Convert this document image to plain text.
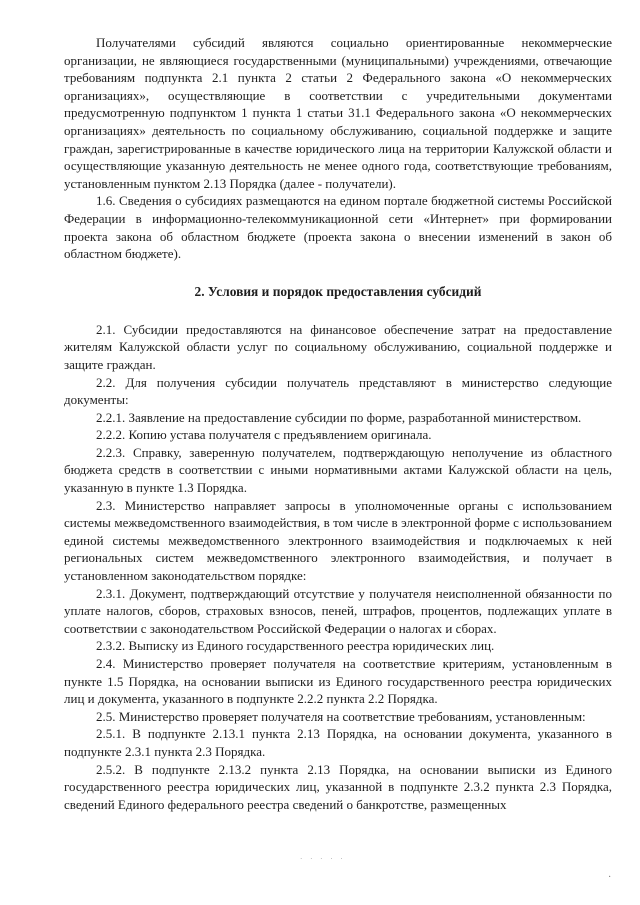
Получателями субсидий являются социально ориентированные некоммерческие организации, не являющиеся государственными (муниципальными) учреждениями, отвечающие требованиям подпункта 2.1 пункта 2 статьи 2 Федерального закона «О некоммерческих организациях», осуществляющие в соответствии с учредительными документами предусмотренную подпунктом 1 пункта 1 статьи 31.1 Федерального закона «О некоммерческих организациях» деятельность по социальному обслуживанию, социальной поддержке и защите граждан, зарегистрированные в качестве юридического лица на территории Калужской области и осуществляющие указанную деятельность не менее одного года, соответствующие требованиям, установленным пунктом 2.13 Порядка (далее - получатели).

1.6. Сведения о субсидиях размещаются на едином портале бюджетной системы Российской Федерации в информационно-телекоммуникационной сети «Интернет» при формировании проекта закона об областном бюджете (проекта закона о внесении изменений в закон об областном бюджете).

2. Условия и порядок предоставления субсидий

2.1. Субсидии предоставляются на финансовое обеспечение затрат на предоставление жителям Калужской области услуг по социальному обслуживанию, социальной поддержке и защите граждан.

2.2. Для получения субсидии получатель представляют в министерство следующие документы:

2.2.1. Заявление на предоставление субсидии по форме, разработанной министерством.

2.2.2. Копию устава получателя с предъявлением оригинала.

2.2.3. Справку, заверенную получателем, подтверждающую неполучение из областного бюджета средств в соответствии с иными нормативными актами Калужской области на цель, указанную в пункте 1.3 Порядка.

2.3. Министерство направляет запросы в уполномоченные органы с использованием системы межведомственного взаимодействия, в том числе в электронной форме с использованием единой системы межведомственного электронного взаимодействия и подключаемых к ней региональных систем межведомственного электронного взаимодействия, и получает в установленном законодательством порядке:

2.3.1. Документ, подтверждающий отсутствие у получателя неисполненной обязанности по уплате налогов, сборов, страховых взносов, пеней, штрафов, процентов, подлежащих уплате в соответствии с законодательством Российской Федерации о налогах и сборах.

2.3.2. Выписку из Единого государственного реестра юридических лиц.

2.4. Министерство проверяет получателя на соответствие критериям, установленным в пункте 1.5 Порядка, на основании выписки из Единого государственного реестра юридических лиц и документа, указанного в подпункте 2.2.2 пункта 2.2 Порядка.

2.5. Министерство проверяет получателя на соответствие требованиям, установленным:

2.5.1. В подпункте 2.13.1 пункта 2.13 Порядка, на основании документа, указанного в подпункте 2.3.1 пункта 2.3 Порядка.

2.5.2. В подпункте 2.13.2 пункта 2.13 Порядка, на основании выписки из Единого государственного реестра юридических лиц, указанной в подпункте 2.3.2 пункта 2.3 Порядка, сведений Единого федерального реестра сведений о банкротстве, размещенных

· · · · ·
·
